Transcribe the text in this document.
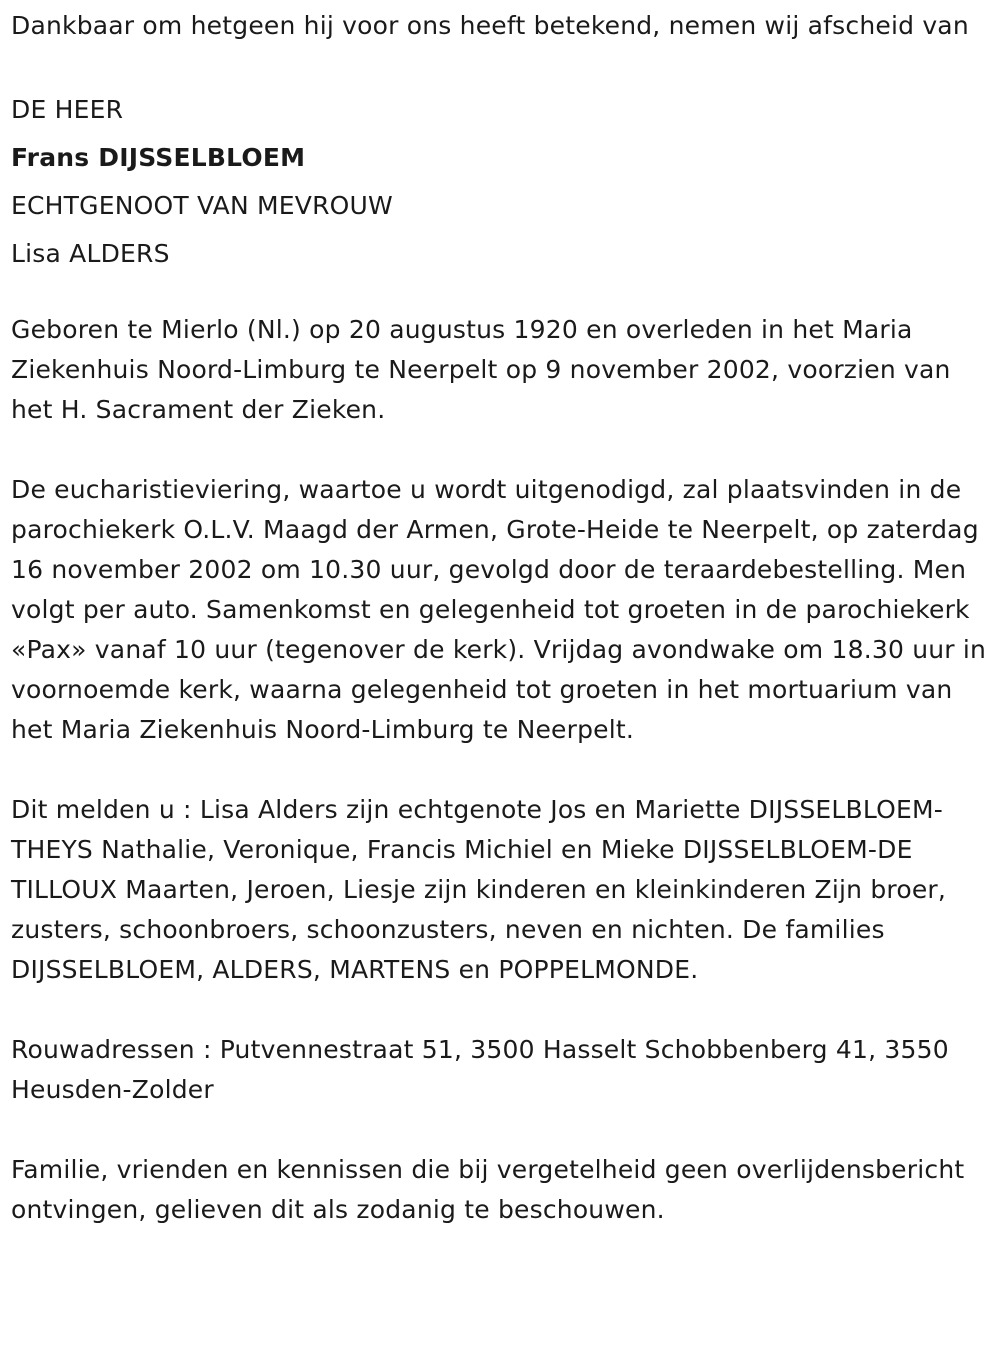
Dankbaar om hetgeen hij voor ons heeft betekend, nemen wij afscheid van

DE HEER

Frans DIJSSELBLOEM

ECHTGENOOT VAN MEVROUW

Lisa ALDERS

Geboren te Mierlo (Nl.) op 20 augustus 1920 en overleden in het Maria Ziekenhuis Noord-Limburg te Neerpelt op 9 november 2002, voorzien van het H. Sacrament der Zieken.

De eucharistieviering, waartoe u wordt uitgenodigd, zal plaatsvinden in de parochiekerk O.L.V. Maagd der Armen, Grote-Heide te Neerpelt, op zaterdag 16 november 2002 om 10.30 uur, gevolgd door de teraardebestelling. Men volgt per auto. Samenkomst en gelegenheid tot groeten in de parochiekerk «Pax» vanaf 10 uur (tegenover de kerk). Vrijdag avondwake om 18.30 uur in voornoemde kerk, waarna gelegenheid tot groeten in het mortuarium van het Maria Ziekenhuis Noord-Limburg te Neerpelt.

Dit melden u : Lisa Alders zijn echtgenote Jos en Mariette DIJSSELBLOEM-THEYS Nathalie, Veronique, Francis Michiel en Mieke DIJSSELBLOEM-DE TILLOUX Maarten, Jeroen, Liesje zijn kinderen en kleinkinderen Zijn broer, zusters, schoonbroers, schoonzusters, neven en nichten. De families DIJSSELBLOEM, ALDERS, MARTENS en POPPELMONDE.

Rouwadressen : Putvennestraat 51, 3500 Hasselt Schobbenberg 41, 3550 Heusden-Zolder

Familie, vrienden en kennissen die bij vergetelheid geen overlijdensbericht ontvingen, gelieven dit als zodanig te beschouwen.
